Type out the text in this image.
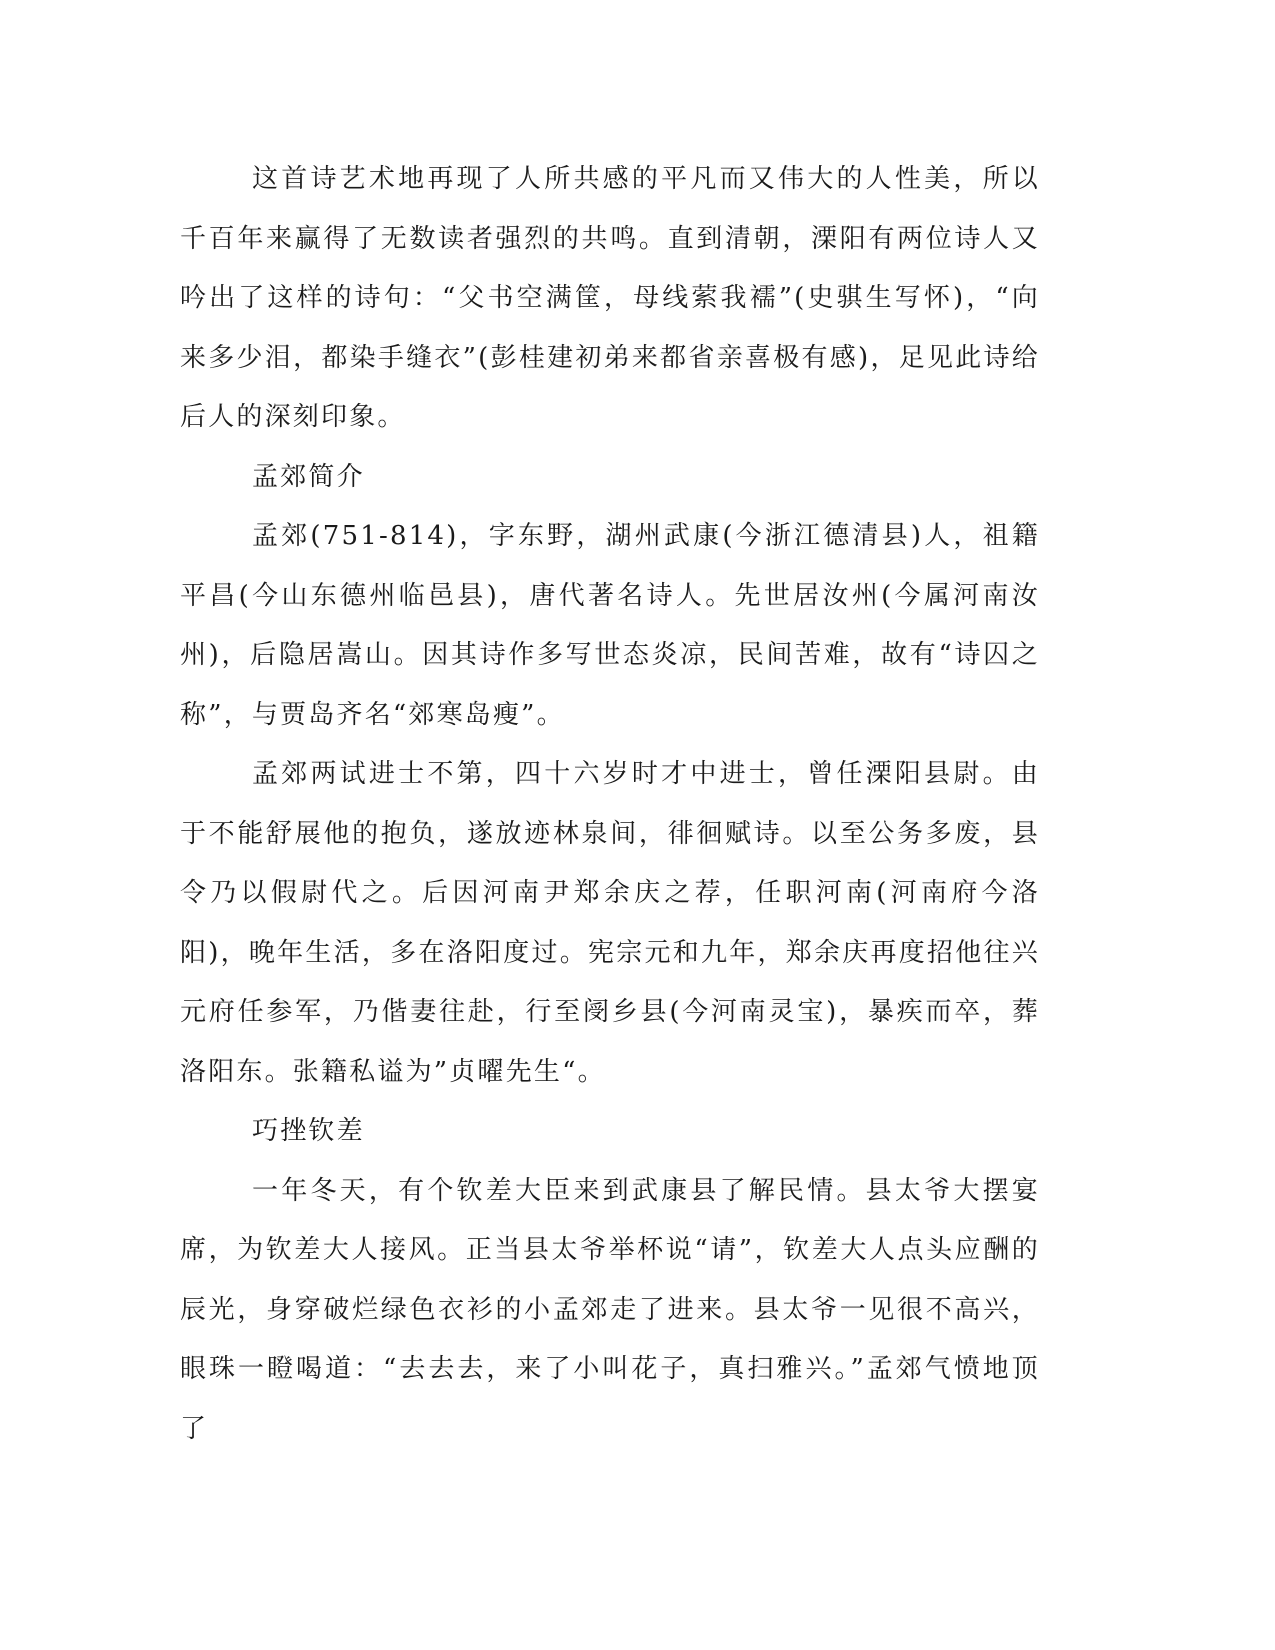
这首诗艺术地再现了人所共感的平凡而又伟大的人性美，所以千百年来赢得了无数读者强烈的共鸣。直到清朝，溧阳有两位诗人又吟出了这样的诗句：“父书空满筐，母线萦我襦”(史骐生写怀)，“向来多少泪，都染手缝衣”(彭桂建初弟来都省亲喜极有感)，足见此诗给后人的深刻印象。

孟郊简介

孟郊(751-814)，字东野，湖州武康(今浙江德清县)人，祖籍平昌(今山东德州临邑县)，唐代著名诗人。先世居汝州(今属河南汝州)，后隐居嵩山。因其诗作多写世态炎凉，民间苦难，故有“诗囚之称”，与贾岛齐名“郊寒岛瘦”。

孟郊两试进士不第，四十六岁时才中进士，曾任溧阳县尉。由于不能舒展他的抱负，遂放迹林泉间，徘徊赋诗。以至公务多废，县令乃以假尉代之。后因河南尹郑余庆之荐，任职河南(河南府今洛阳)，晚年生活，多在洛阳度过。宪宗元和九年，郑余庆再度招他往兴元府任参军，乃偕妻往赴，行至阌乡县(今河南灵宝)，暴疾而卒，葬洛阳东。张籍私谥为”贞曜先生“。

巧挫钦差

一年冬天，有个钦差大臣来到武康县了解民情。县太爷大摆宴席，为钦差大人接风。正当县太爷举杯说“请”，钦差大人点头应酬的辰光，身穿破烂绿色衣衫的小孟郊走了进来。县太爷一见很不高兴，眼珠一瞪喝道：“去去去，来了小叫花子，真扫雅兴。”孟郊气愤地顶了
